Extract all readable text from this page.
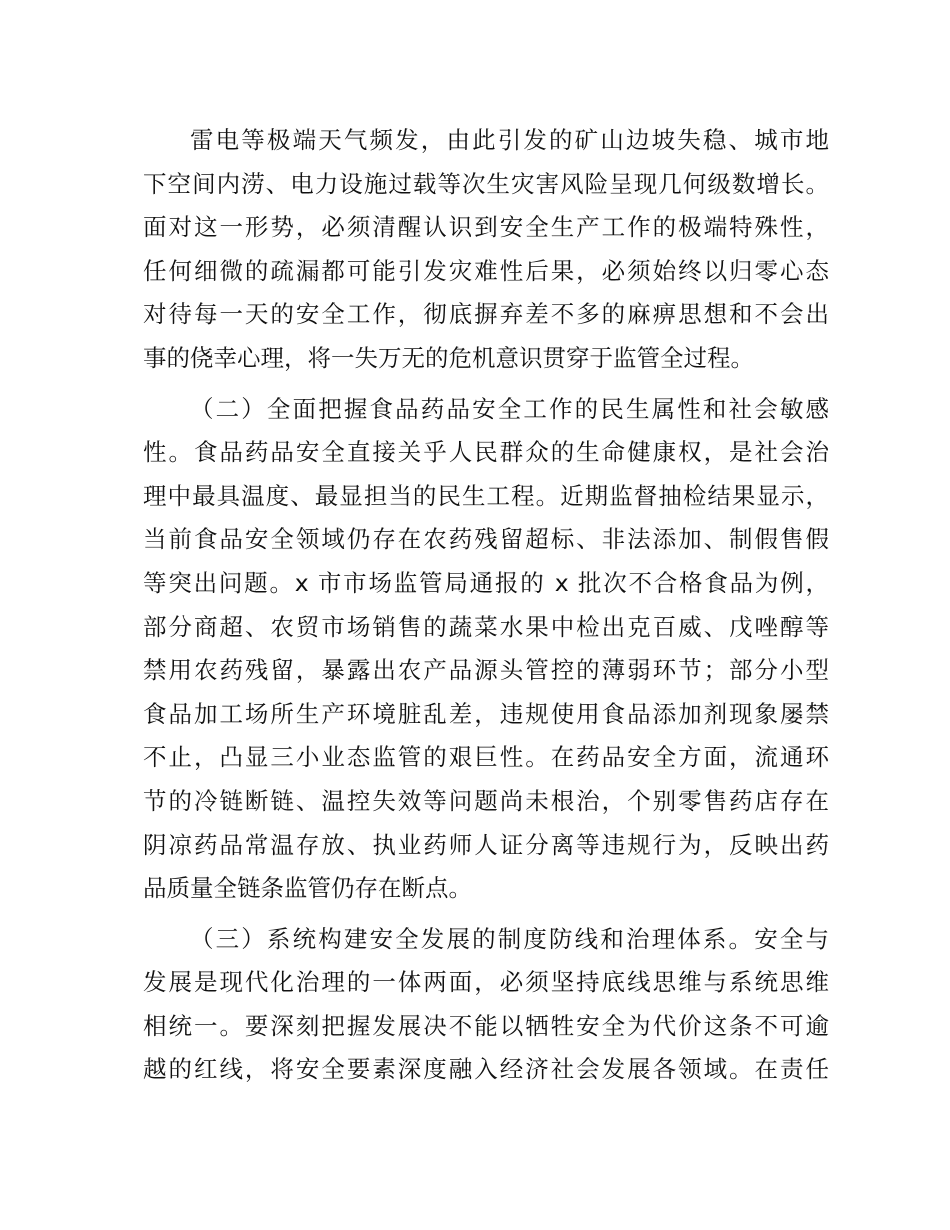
雷电等极端天气频发，由此引发的矿山边坡失稳、城市地
下空间内涝、电力设施过载等次生灾害风险呈现几何级数增长。
面对这一形势，必须清醒认识到安全生产工作的极端特殊性，
任何细微的疏漏都可能引发灾难性后果，必须始终以归零心态
对待每一天的安全工作，彻底摒弃差不多的麻痹思想和不会出
事的侥幸心理，将一失万无的危机意识贯穿于监管全过程。
（二）全面把握食品药品安全工作的民生属性和社会敏感
性。食品药品安全直接关乎人民群众的生命健康权，是社会治
理中最具温度、最显担当的民生工程。近期监督抽检结果显示，
当前食品安全领域仍存在农药残留超标、非法添加、制假售假
等突出问题。x 市市场监管局通报的 x 批次不合格食品为例，
部分商超、农贸市场销售的蔬菜水果中检出克百威、戊唑醇等
禁用农药残留，暴露出农产品源头管控的薄弱环节；部分小型
食品加工场所生产环境脏乱差，违规使用食品添加剂现象屡禁
不止，凸显三小业态监管的艰巨性。在药品安全方面，流通环
节的冷链断链、温控失效等问题尚未根治，个别零售药店存在
阴凉药品常温存放、执业药师人证分离等违规行为，反映出药
品质量全链条监管仍存在断点。
（三）系统构建安全发展的制度防线和治理体系。安全与
发展是现代化治理的一体两面，必须坚持底线思维与系统思维
相统一。要深刻把握发展决不能以牺牲安全为代价这条不可逾
越的红线，将安全要素深度融入经济社会发展各领域。在责任
